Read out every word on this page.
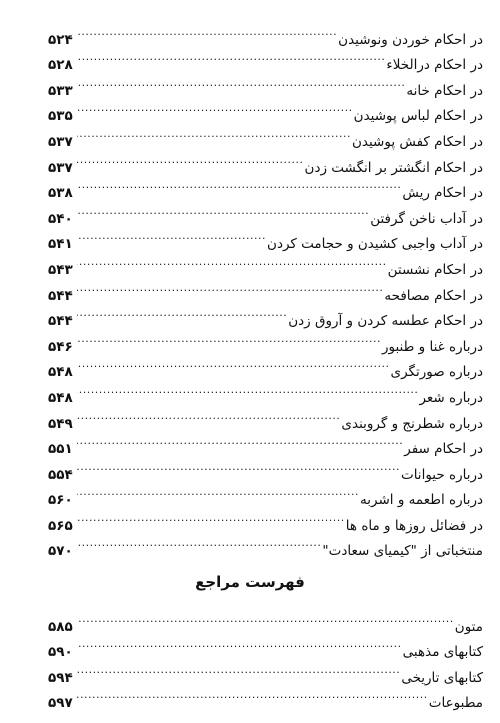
در احکام خوردن ونوشیدن
.....
۵۲۴
در احکام درالخلاء
.....
۵۲۸
در احکام خانه
.....
۵۳۳
در احکام لباس پوشیدن
.....
۵۳۵
در احکام کفش پوشیدن
.....
۵۳۷
در احکام انگشتر بر انگشت زدن
.....
۵۳۷
در احکام ریش
.....
۵۳۸
در آداب ناخن گرفتن
.....
۵۴۰
در آداب واجبی کشیدن و حجامت کردن
.....
۵۴۱
در احکام نشستن
.....
۵۴۳
در احکام مصافحه
.....
۵۴۴
در احکام عطسه کردن و آروق زدن
.....
۵۴۴
درباره غنا و طنبور
.....
۵۴۶
درباره صورتگری
.....
۵۴۸
درباره شعر
.....
۵۴۸
درباره شطرنج و گروبندی
.....
۵۴۹
در احکام سفر
.....
۵۵۱
درباره حیوانات
.....
۵۵۴
درباره اطعمه و اشربه
.....
۵۶۰
در فضائل روزها و ماه ها
.....
۵۶۵
منتخباتی از "کیمیای سعادت"
.....
۵۷۰
فهرست مراجع
متون
.....
۵۸۵
کتابهای مذهبی
.....
۵۹۰
کتابهای تاریخی
.....
۵۹۴
مطبوعات
.....
۵۹۷
